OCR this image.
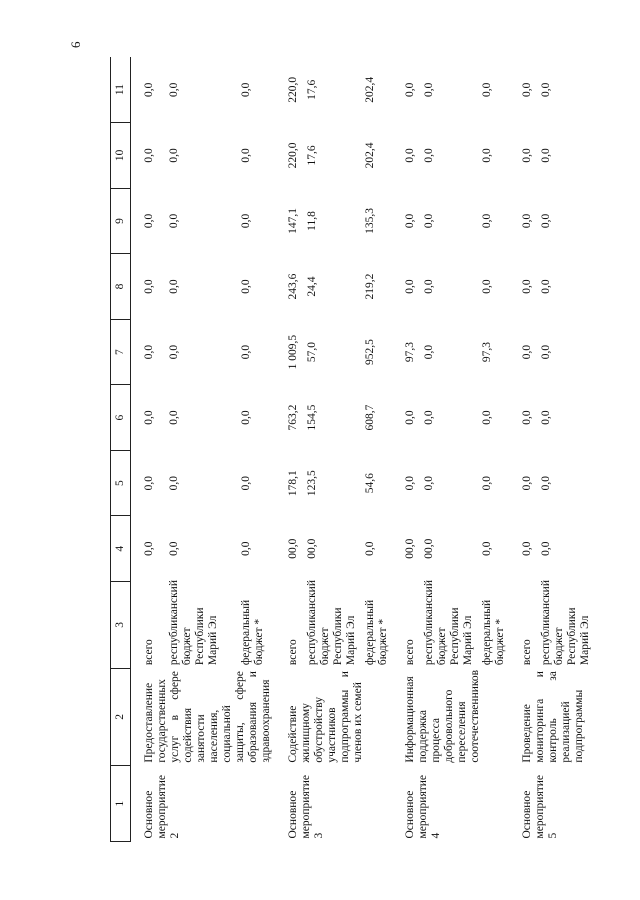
6
1	2	3	4	5	6	7	8	9	10	11
Основное мероприятие 2	Предоставление государственных услуг в сфере содействия занятости населения, социальной защиты, сфере образования и здравоохранения	всего	0,0	0,0	0,0	0,0	0,0	0,0	0,0	0,0
		республиканский бюджет Республики Марий Эл	0,0	0,0	0,0	0,0	0,0	0,0	0,0	0,0
		федеральный бюджет *	0,0	0,0	0,0	0,0	0,0	0,0	0,0	0,0
Основное мероприятие 3	Содействие жилищному обустройству участников подпрограммы и членов их семей	всего	00,0	178,1	763,2	1 009,5	243,6	147,1	220,0	220,0
		республиканский бюджет Республики Марий Эл	00,0	123,5	154,5	57,0	24,4	11,8	17,6	17,6
		федеральный бюджет *	0,0	54,6	608,7	952,5	219,2	135,3	202,4	202,4
Основное мероприятие 4	Информационная поддержка процесса добровольного переселения соотечественников	всего	00,0	0,0	0,0	97,3	0,0	0,0	0,0	0,0
		республиканский бюджет Республики Марий Эл	00,0	0,0	0,0	0,0	0,0	0,0	0,0	0,0
		федеральный бюджет *	0,0	0,0	0,0	97,3	0,0	0,0	0,0	0,0
Основное мероприятие 5	Проведение мониторинга и контроль за реализацией подпрограммы	всего	0,0	0,0	0,0	0,0	0,0	0,0	0,0	0,0
		республиканский бюджет Республики Марий Эл	0,0	0,0	0,0	0,0	0,0	0,0	0,0	0,0
